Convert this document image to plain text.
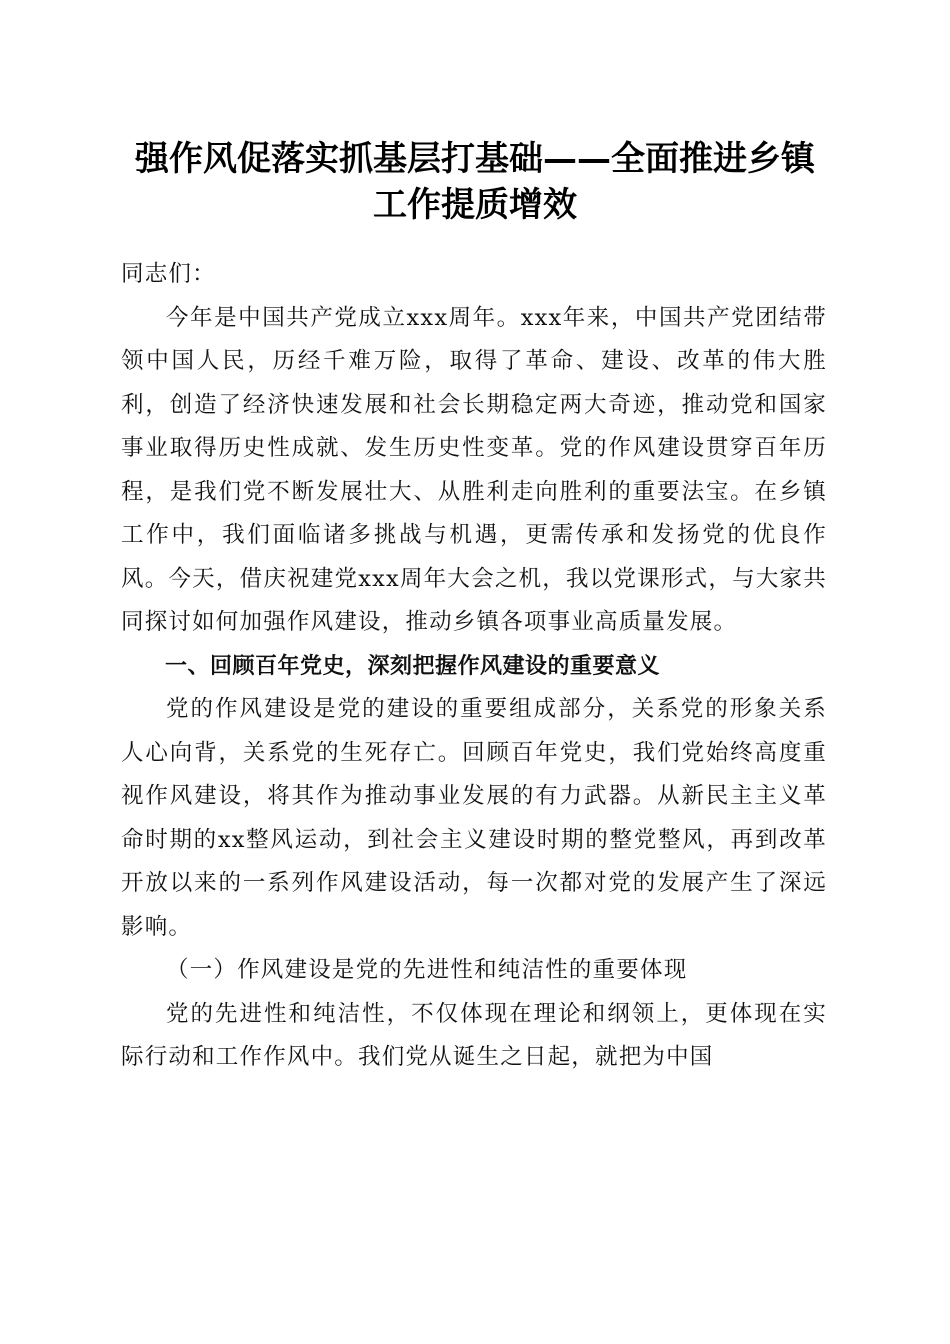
强作风促落实抓基层打基础——全面推进乡镇
工作提质增效

同志们：

今年是中国共产党成立xxx周年。xxx年来，中国共产党团结带领中国人民，历经千难万险，取得了革命、建设、改革的伟大胜利，创造了经济快速发展和社会长期稳定两大奇迹，推动党和国家事业取得历史性成就、发生历史性变革。党的作风建设贯穿百年历程，是我们党不断发展壮大、从胜利走向胜利的重要法宝。在乡镇工作中，我们面临诸多挑战与机遇，更需传承和发扬党的优良作风。今天，借庆祝建党xxx周年大会之机，我以党课形式，与大家共同探讨如何加强作风建设，推动乡镇各项事业高质量发展。

一、回顾百年党史，深刻把握作风建设的重要意义

党的作风建设是党的建设的重要组成部分，关系党的形象关系人心向背，关系党的生死存亡。回顾百年党史，我们党始终高度重视作风建设，将其作为推动事业发展的有力武器。从新民主主义革命时期的xx整风运动，到社会主义建设时期的整党整风，再到改革开放以来的一系列作风建设活动，每一次都对党的发展产生了深远影响。

（一）作风建设是党的先进性和纯洁性的重要体现

党的先进性和纯洁性，不仅体现在理论和纲领上，更体现在实际行动和工作作风中。我们党从诞生之日起，就把为中国
